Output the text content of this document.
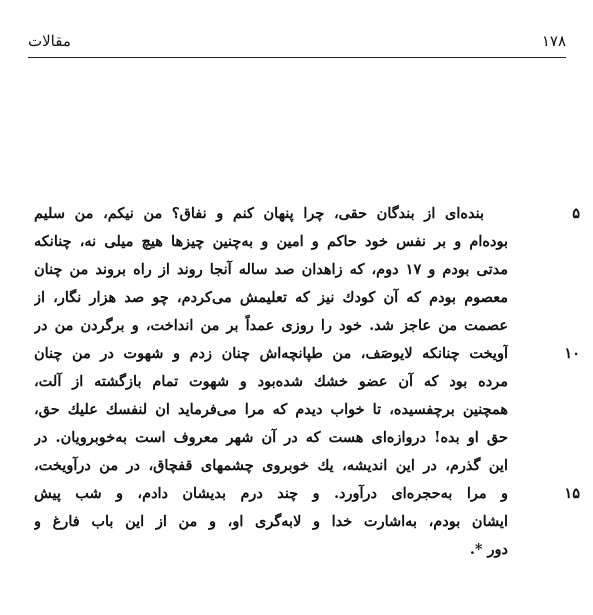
مقالات	۱۷۸
۵
بنده‌ای از بندگان حقی، چرا پنهان کنم و نفاق؟ من نیکم، من سلیم
بوده‌ام و بر نفس خود حاکم و امین و به‌چنین چیزها هیچ میلی نه، چنانکه
مدتی بودم و ۱۷ دوم، که زاهدان صد ساله آنجا روند از راه بروند من چنان
معصوم بودم که آن کودك نیز که تعلیمش می‌کردم، چو صد هزار نگار، از
عصمت من عاجز شد. خود را روزی عمداً بر من انداخت، و برگردن من در
۱۰
آویخت چنانکه لایوصَف، من طپانچه‌اش چنان زدم و شهوت در من چنان
مرده بود که آن عضو خشك شده‌بود و شهوت تمام بازگشته از آلت،
همچنین برچفسیده، تا خواب دیدم که مرا می‌فرماید ان لنفسك علیك حق،
حق او بده! دروازه‌ای هست که در آن شهر معروف است به‌خوبرویان. در
این گذرم، در این اندیشه، یك خوبروی چشمهای قفچاق، در من درآویخت،
۱۵
و مرا به‌حجره‌ای درآورد. و چند درم بدیشان دادم، و شب پیش
ایشان بودم، به‌اشارت خدا و لابه‌گری او، و من از این باب فارغ و
دور *.
